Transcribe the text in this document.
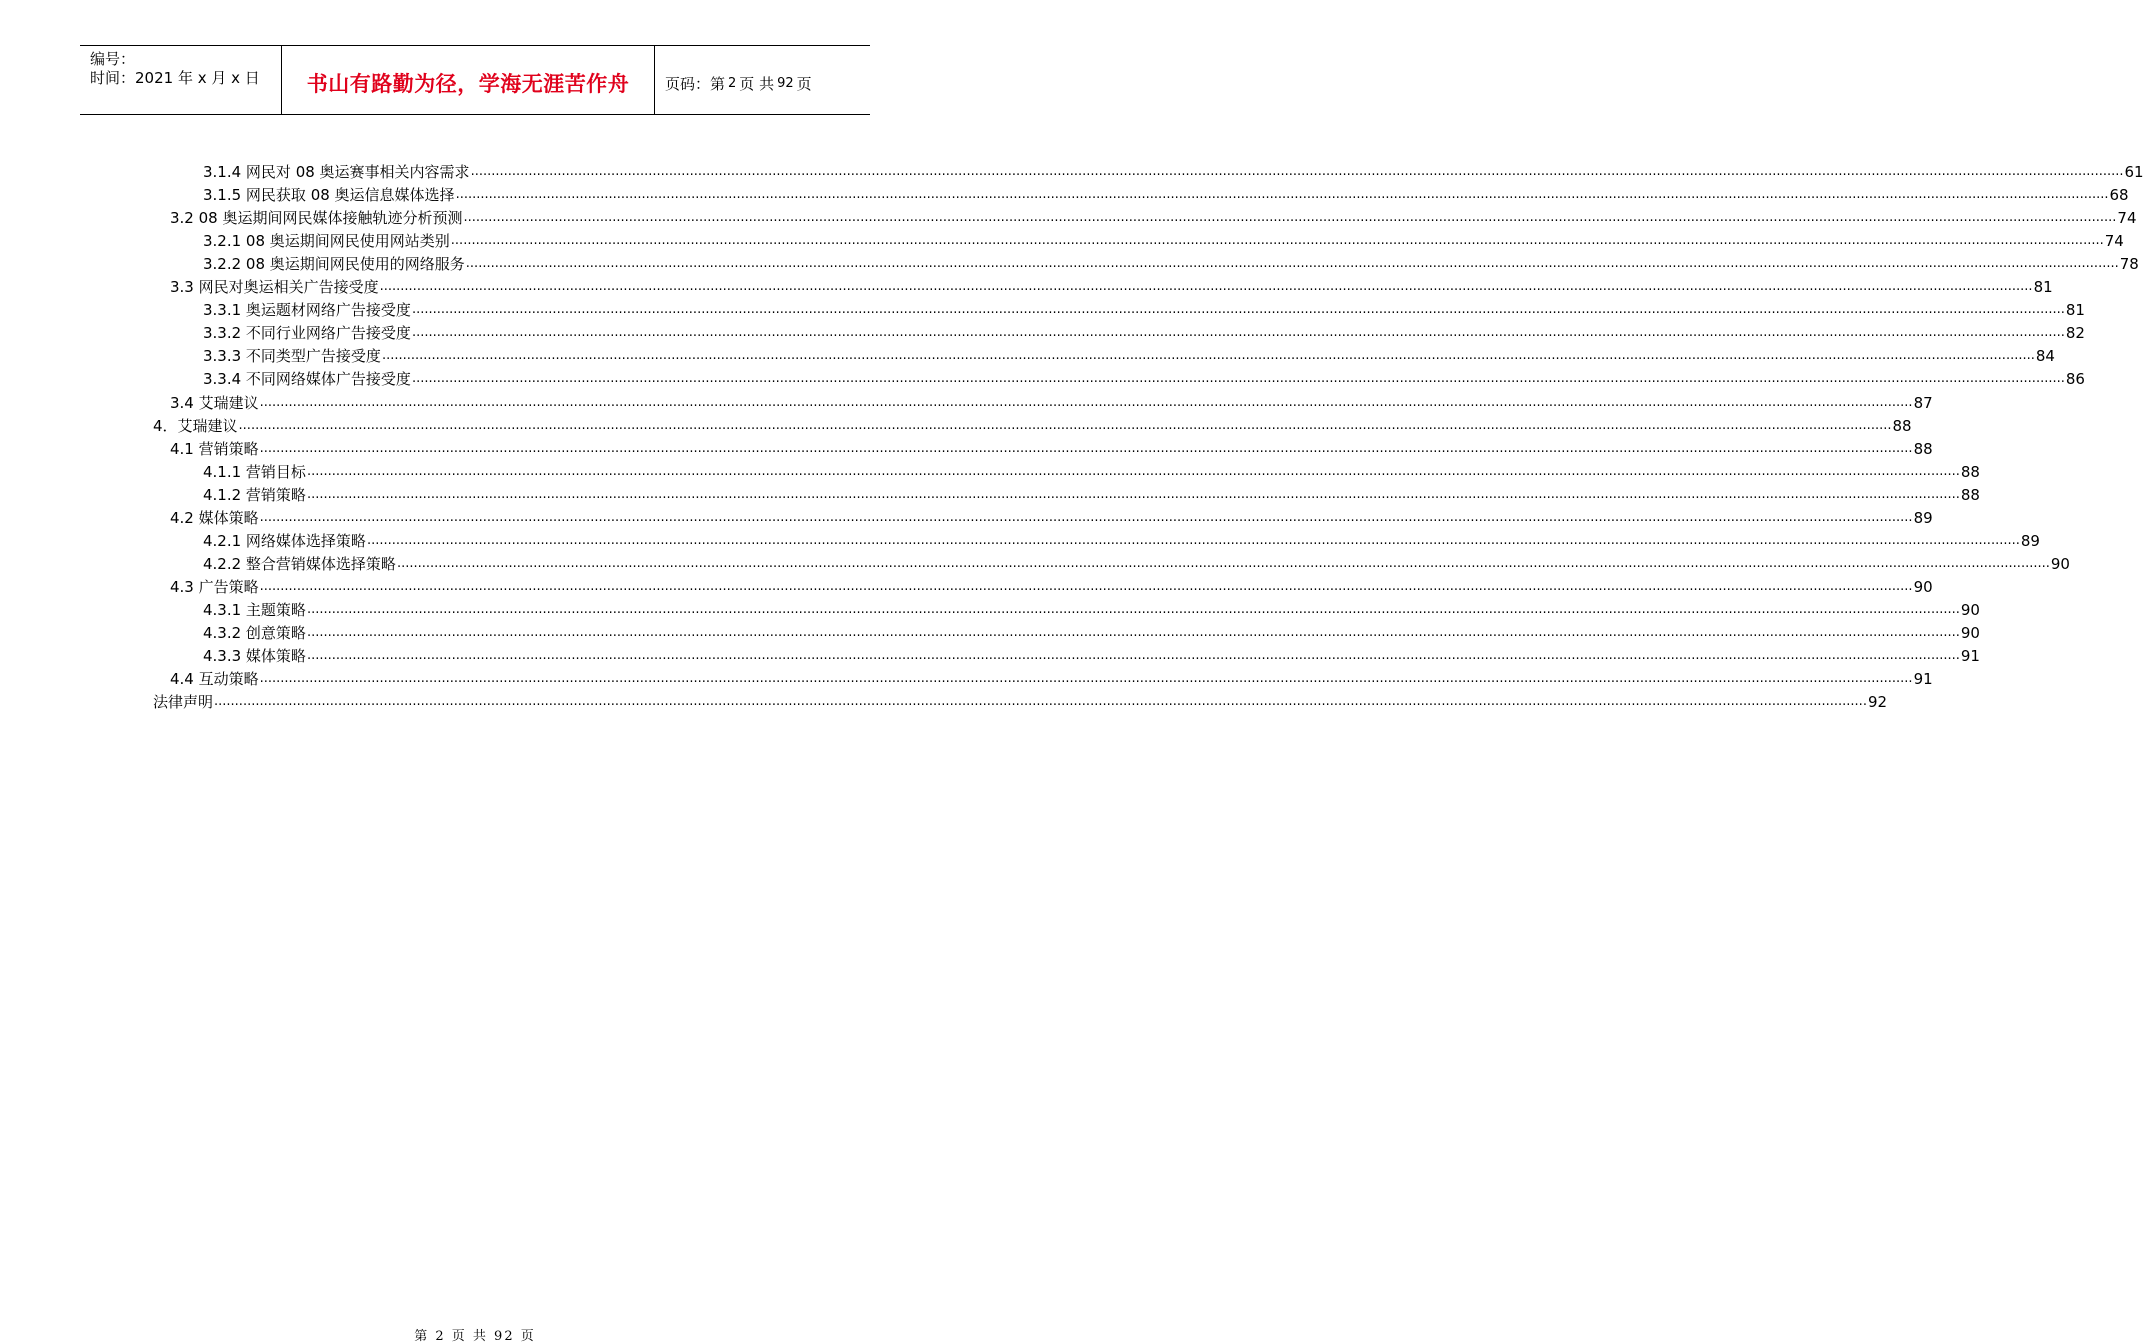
编号：
时间：2021 年 x 月 x 日	书山有路勤为径，学海无涯苦作舟	页码：第 2 页 共 92 页
3.1.4 网民对 08 奥运赛事相关内容需求 ................................................................................................................................................................................................................................................................................................................................................................................................................ 61
3.1.5 网民获取 08 奥运信息媒体选择 ................................................................................................................................................................................................................................................................................................................................................................................................................ 68
3.2 08 奥运期间网民媒体接触轨迹分析预测 ................................................................................................................................................................................................................................................................................................................................................................................................................ 74
3.2.1 08 奥运期间网民使用网站类别 ................................................................................................................................................................................................................................................................................................................................................................................................................ 74
3.2.2 08 奥运期间网民使用的网络服务 ................................................................................................................................................................................................................................................................................................................................................................................................................ 78
3.3 网民对奥运相关广告接受度 ................................................................................................................................................................................................................................................................................................................................................................................................................ 81
3.3.1 奥运题材网络广告接受度 ................................................................................................................................................................................................................................................................................................................................................................................................................ 81
3.3.2 不同行业网络广告接受度 ................................................................................................................................................................................................................................................................................................................................................................................................................ 82
3.3.3 不同类型广告接受度 ................................................................................................................................................................................................................................................................................................................................................................................................................ 84
3.3.4 不同网络媒体广告接受度 ................................................................................................................................................................................................................................................................................................................................................................................................................ 86
3.4 艾瑞建议 ................................................................................................................................................................................................................................................................................................................................................................................................................ 87
4．艾瑞建议 ................................................................................................................................................................................................................................................................................................................................................................................................................ 88
4.1 营销策略 ................................................................................................................................................................................................................................................................................................................................................................................................................ 88
4.1.1 营销目标 ................................................................................................................................................................................................................................................................................................................................................................................................................ 88
4.1.2 营销策略 ................................................................................................................................................................................................................................................................................................................................................................................................................ 88
4.2 媒体策略 ................................................................................................................................................................................................................................................................................................................................................................................................................ 89
4.2.1 网络媒体选择策略 ................................................................................................................................................................................................................................................................................................................................................................................................................ 89
4.2.2 整合营销媒体选择策略 ................................................................................................................................................................................................................................................................................................................................................................................................................ 90
4.3 广告策略 ................................................................................................................................................................................................................................................................................................................................................................................................................ 90
4.3.1 主题策略 ................................................................................................................................................................................................................................................................................................................................................................................................................ 90
4.3.2 创意策略 ................................................................................................................................................................................................................................................................................................................................................................................................................ 90
4.3.3 媒体策略 ................................................................................................................................................................................................................................................................................................................................................................................................................ 91
4.4 互动策略 ................................................................................................................................................................................................................................................................................................................................................................................................................ 91
法律声明 ................................................................................................................................................................................................................................................................................................................................................................................................................ 92
第 2 页 共 92 页
